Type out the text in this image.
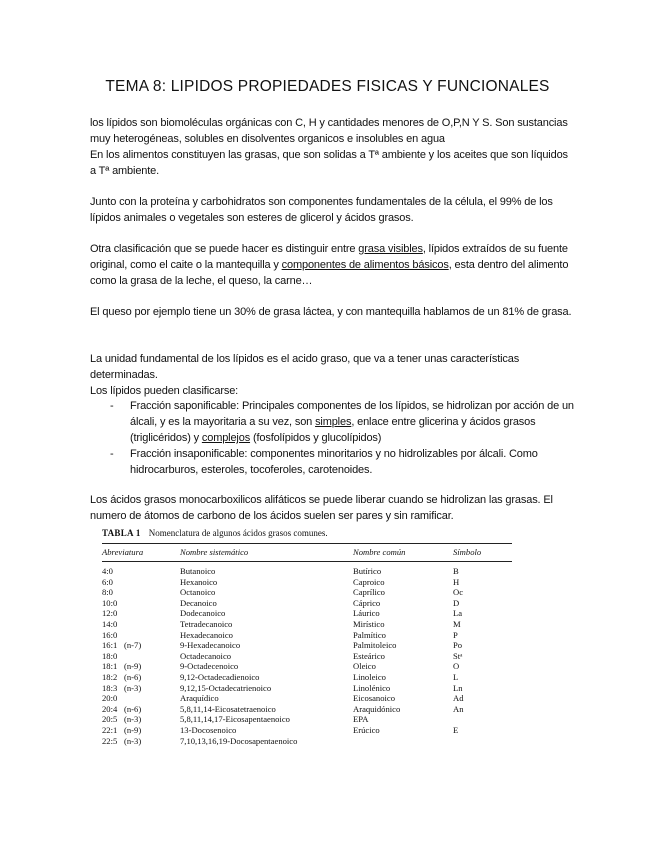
TEMA 8: LIPIDOS PROPIEDADES FISICAS Y FUNCIONALES

los lípidos son biomoléculas orgánicas con C, H y cantidades menores de O,P,N Y S. Son sustancias muy heterogéneas, solubles en disolventes organicos e insolubles en agua
En los alimentos constituyen las grasas, que son solidas a Tª ambiente y los aceites que son líquidos a Tª ambiente.

Junto con la proteína y carbohidratos son componentes fundamentales de la célula, el 99% de los lípidos animales o vegetales son esteres de glicerol y ácidos grasos.

Otra clasificación que se puede hacer es distinguir entre grasa visibles, lípidos extraídos de su fuente original, como el caite o la mantequilla y componentes de alimentos básicos, esta dentro del alimento como la grasa de la leche, el queso, la carne…

El queso por ejemplo tiene un 30% de grasa láctea, y con mantequilla hablamos de un 81% de grasa.

La unidad fundamental de los lípidos es el acido graso, que va a tener unas características determinadas.
Los lípidos pueden clasificarse:

- Fracción saponificable: Principales componentes de los lípidos, se hidrolizan por acción de un álcali, y es la mayoritaria a su vez, son simples, enlace entre glicerina y ácidos grasos (triglicéridos) y complejos (fosfolípidos y glucolípidos)
- Fracción insaponificable: componentes minoritarios y no hidrolizables por álcali. Como hidrocarburos, esteroles, tocoferoles, carotenoides.

Los ácidos grasos monocarboxilicos alifáticos se puede liberar cuando se hidrolizan las grasas. El numero de átomos de carbono de los ácidos suelen ser pares y sin ramificar.

TABLA 1 Nomenclatura de algunos ácidos grasos comunes.

Abreviatura		Nombre sistemático	Nombre común	Símbolo
4:0		Butanoico	Butírico	B
6:0		Hexanoico	Caproico	H
8:0		Octanoico	Caprílico	Oc
10:0		Decanoico	Cáprico	D
12:0		Dodecanoico	Láurico	La
14:0		Tetradecanoico	Mirístico	M
16:0		Hexadecanoico	Palmítico	P
16:1	(n-7)	9-Hexadecanoico	Palmitoleico	Po
18:0		Octadecanoico	Esteárico	Stᵃ
18:1	(n-9)	9-Octadecenoico	Oleico	O
18:2	(n-6)	9,12-Octadecadienoico	Linoleico	L
18:3	(n-3)	9,12,15-Octadecatrienoico	Linolénico	Ln
20:0		Araquídico	Eicosanoico	Ad
20:4	(n-6)	5,8,11,14-Eicosatetraenoico	Araquidónico	An
20:5	(n-3)	5,8,11,14,17-Eicosapentaenoico	EPA	
22:1	(n-9)	13-Docosenoico	Erúcico	E
22:5	(n-3)	7,10,13,16,19-Docosapentaenoico		
